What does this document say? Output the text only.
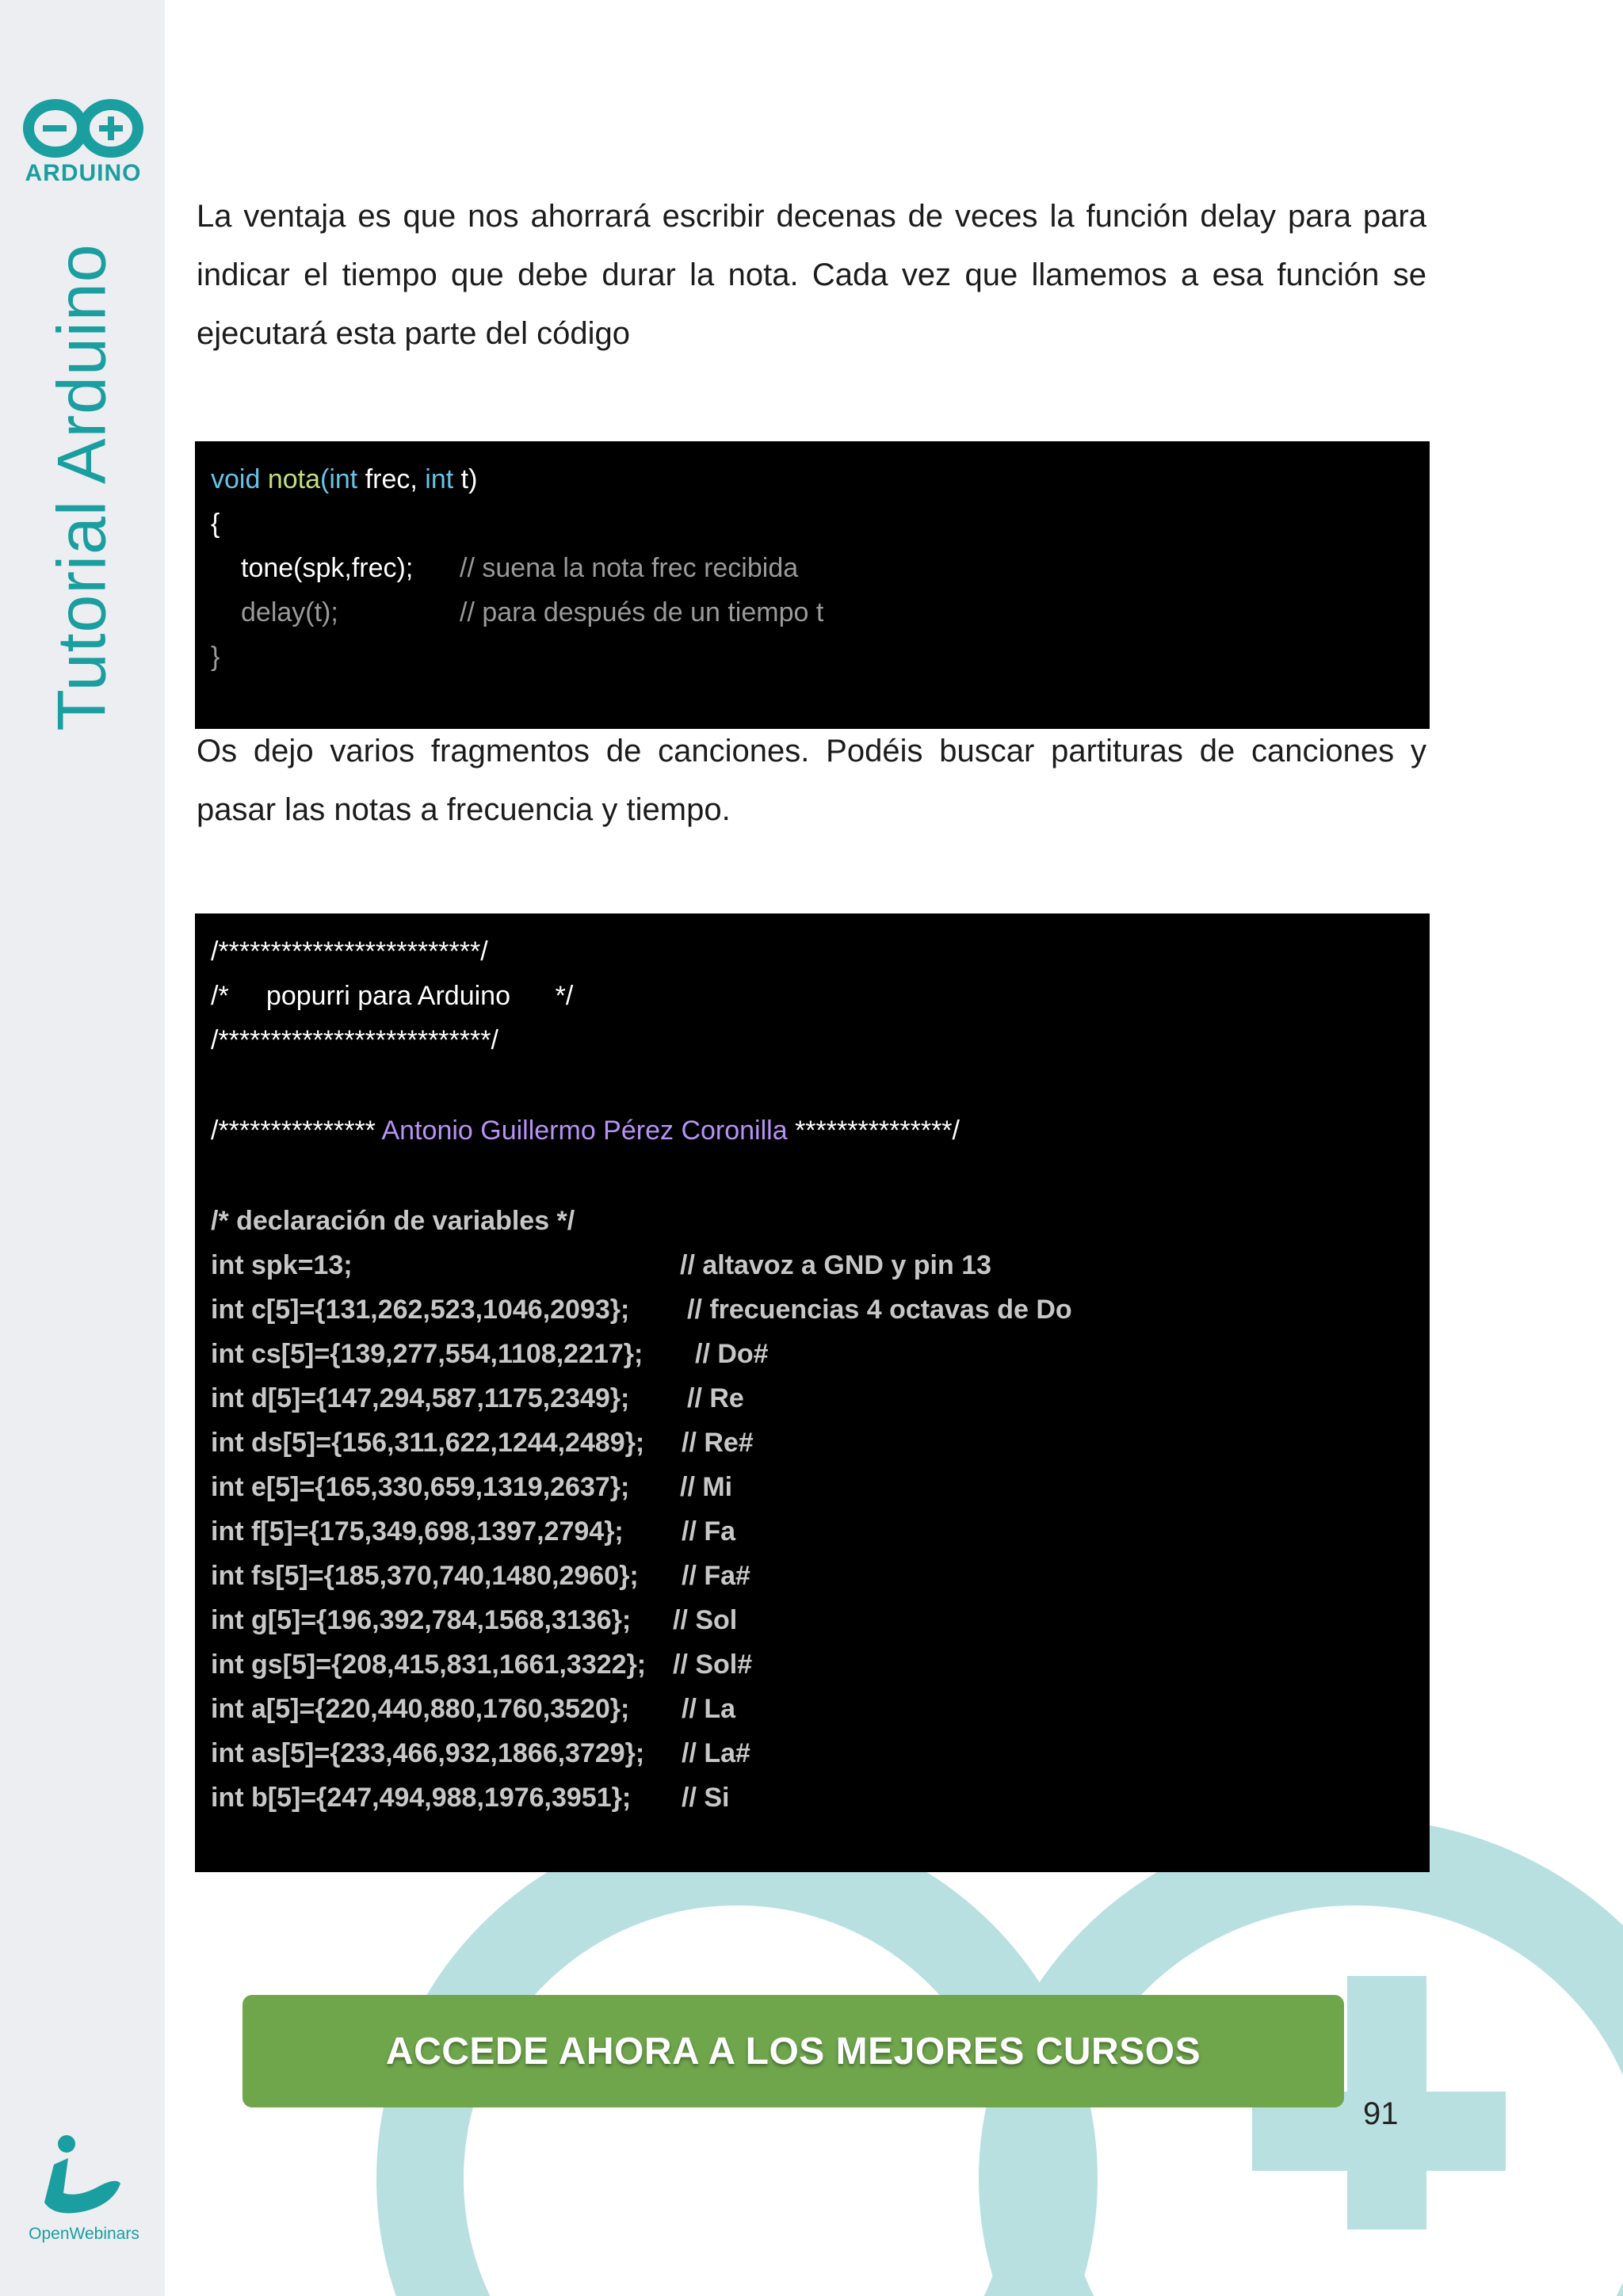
ARDUINO
Tutorial Arduino
OpenWebinars

La ventaja es que nos ahorrará escribir decenas de veces la función delay para para indicar el tiempo que debe durar la nota. Cada vez que llamemos a esa función se ejecutará esta parte del código

void nota(int frec, int t)
{
tone(spk,frec); // suena la nota frec recibida
delay(t);	// para después de un tiempo t
}

Os dejo varios fragmentos de canciones. Podéis buscar partituras de canciones y pasar las notas a frecuencia y tiempo.

/*************************/
/*     popurri para Arduino      */
/**************************/
/*************** Antonio Guillermo Pérez Coronilla ***************/
/* declaración de variables */
int spk=13;	// altavoz a GND y pin 13
int c[5]={131,262,523,1046,2093}; // frecuencias 4 octavas de Do
int cs[5]={139,277,554,1108,2217}; // Do#
int d[5]={147,294,587,1175,2349}; // Re
int ds[5]={156,311,622,1244,2489}; // Re#
int e[5]={165,330,659,1319,2637}; // Mi
int f[5]={175,349,698,1397,2794}; // Fa
int fs[5]={185,370,740,1480,2960}; // Fa#
int g[5]={196,392,784,1568,3136}; // Sol
int gs[5]={208,415,831,1661,3322}; // Sol#
int a[5]={220,440,880,1760,3520}; // La
int as[5]={233,466,932,1866,3729}; // La#
int b[5]={247,494,988,1976,3951}; // Si
ACCEDE AHORA A LOS MEJORES CURSOS
91
